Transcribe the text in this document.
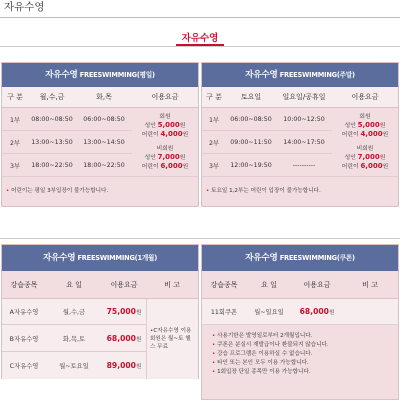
자유수영
자유수영
자유수영 FREESWIMMING(평일)
구 분	월,수,금	화,목	이용요금
1부	08:00~08:50	06:00~08:50
2부	13:00~13:50	13:00~14:50
3부	18:00~22:50	18:00~22:50
회원
성인 5,000원
어린이 4,000원
비회원
성인 7,000원
어린이 6,000원
• 어린이는 평일 3부입장이 불가능합니다.
자유수영 FREESWIMMING(주말)
구 분	토요일	일요일/공휴일	이용요금
1부	06:00~08:50	10:00~12:50
2부	09:00~11:50	14:00~17:50
3부	12:00~19:50	----------
회원
성인 5,000원
어린이 4,000원
비회원
성인 7,000원
어린이 6,000원
• 토요일 1,2부는 어린이 입장이 불가능합니다.
자유수영 FREESWIMMING(1개월)
강습종목	요 일	이용요금	비 고
A자유수영	월,수,금	75,000 원
B자유수영	화,목,토	68,000 원
C자유수영	월~토요일	89,000 원
•C자유수영 이용 회원은 월~토 헬스 무료
자유수영 FREESWIMMING(쿠폰)
강습종목	요 일	이용요금	비 고
11회쿠폰	월~일요일	68,000 원
• 사용기한은 발영일로부터 2개월입니다.
• 쿠폰은 분실시 재발급이나 환불되지 않습니다.
• 강습 프로그램은 이용하실 수 없습니다.
• 타인 또는 본인 모두 이용 가능합니다.
• 1회입장 단일 종목만 이용 가능합니다.
